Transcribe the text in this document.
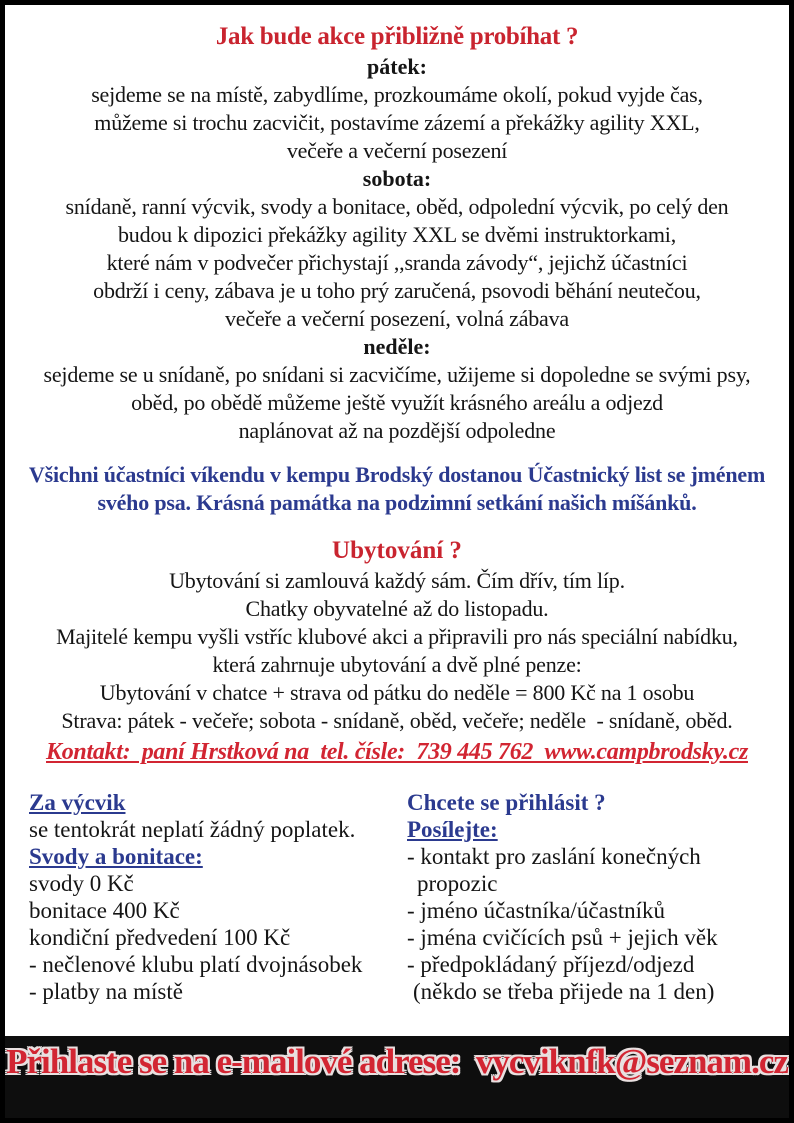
Jak bude akce přibližně probíhat ?
pátek:
sejdeme se na místě, zabydlíme, prozkoumáme okolí, pokud vyjde čas,
můžeme si trochu zacvičit, postavíme zázemí a překážky agility XXL,
večeře a večerní posezení
sobota:
snídaně, ranní výcvik, svody a bonitace, oběd, odpolední výcvik, po celý den
budou k dipozici překážky agility XXL se dvěmi instruktorkami,
které nám v podvečer přichystají ,,sranda závody“, jejichž účastníci
obdrží i ceny, zábava je u toho prý zaručená, psovodi běhání neutečou,
večeře a večerní posezení, volná zábava
neděle:
sejdeme se u snídaně, po snídani si zacvičíme, užijeme si dopoledne se svými psy,
oběd, po obědě můžeme ještě využít krásného areálu a odjezd
naplánovat až na pozdější odpoledne
Všichni účastníci víkendu v kempu Brodský dostanou Účastnický list se jménem
svého psa. Krásná památka na podzimní setkání našich míšánků.
Ubytování ?
Ubytování si zamlouvá každý sám. Čím dřív, tím líp.
Chatky obyvatelné až do listopadu.
Majitelé kempu vyšli vstříc klubové akci a připravili pro nás speciální nabídku,
která zahrnuje ubytování a dvě plné penze:
Ubytování v chatce + strava od pátku do neděle = 800 Kč na 1 osobu
Strava: pátek - večeře; sobota - snídaně, oběd, večeře; neděle  - snídaně, oběd.
Kontakt:  paní Hrstková na  tel. čísle:  739 445 762  www.campbrodsky.cz
Za výcvik
se tentokrát neplatí žádný poplatek.
Svody a bonitace:
svody 0 Kč
bonitace 400 Kč
kondiční předvedení 100 Kč
- nečlenové klubu platí dvojnásobek
- platby na místě
Chcete se přihlásit ?
Posílejte:
- kontakt pro zaslání konečných
propozic
- jméno účastníka/účastníků
- jména cvičících psů + jejich věk
- předpokládaný příjezd/odjezd
(někdo se třeba přijede na 1 den)
Přihlaste se na e-mailové adrese:  vycviknfk@seznam.cz
